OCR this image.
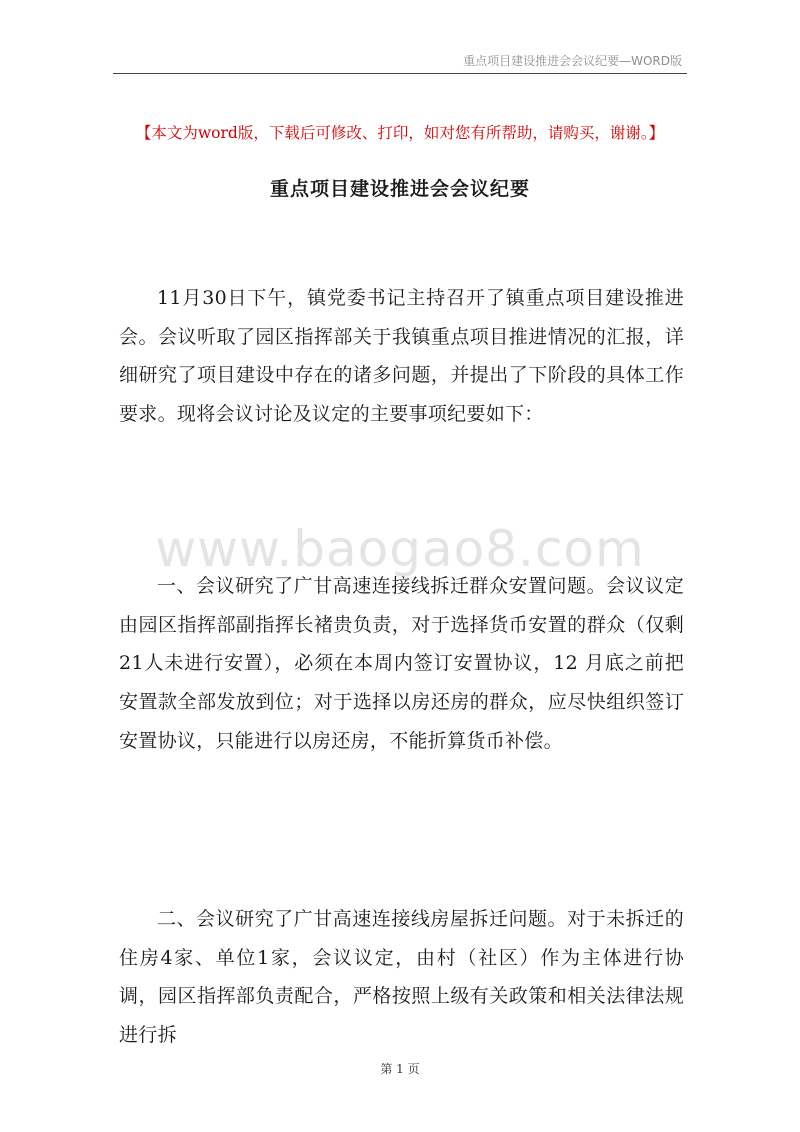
重点项目建设推进会会议纪要—WORD版
【本文为word版，下载后可修改、打印，如对您有所帮助，请购买，谢谢。】
重点项目建设推进会会议纪要

11月30日下午，镇党委书记主持召开了镇重点项目建设推进会。会议听取了园区指挥部关于我镇重点项目推进情况的汇报，详细研究了项目建设中存在的诸多问题，并提出了下阶段的具体工作要求。现将会议讨论及议定的主要事项纪要如下：

www.baogao8.com

一、会议研究了广甘高速连接线拆迁群众安置问题。会议议定由园区指挥部副指挥长褚贵负责，对于选择货币安置的群众（仅剩 21人未进行安置），必须在本周内签订安置协议，12 月底之前把安置款全部发放到位；对于选择以房还房的群众，应尽快组织签订安置协议，只能进行以房还房，不能折算货币补偿。

二、会议研究了广甘高速连接线房屋拆迁问题。对于未拆迁的住房4家、单位1家，会议议定，由村（社区）作为主体进行协调，园区指挥部负责配合，严格按照上级有关政策和相关法律法规进行拆

第 1 页
